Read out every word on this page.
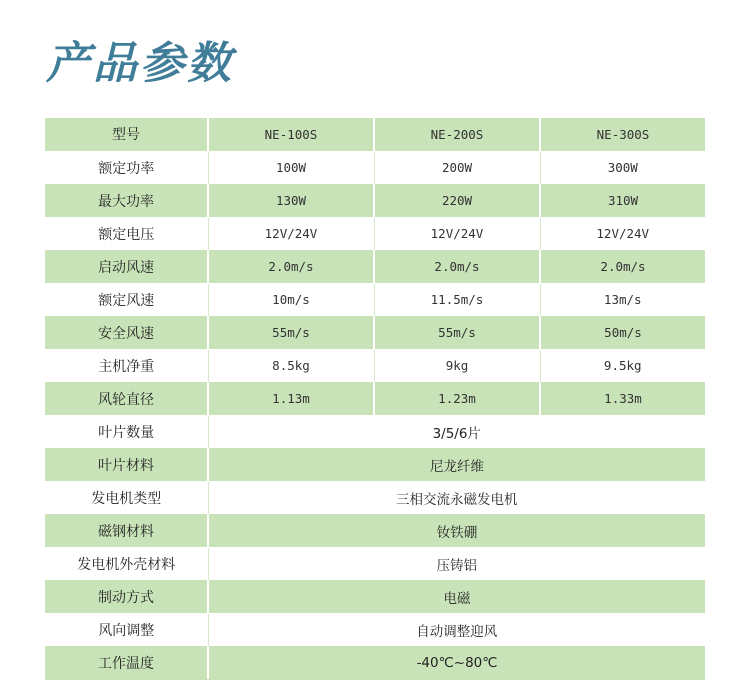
产品参数
型号	NE-100S	NE-200S	NE-300S
额定功率	100W	200W	300W
最大功率	130W	220W	310W
额定电压	12V/24V	12V/24V	12V/24V
启动风速	2.0m/s	2.0m/s	2.0m/s
额定风速	10m/s	11.5m/s	13m/s
安全风速	55m/s	55m/s	50m/s
主机净重	8.5kg	9kg	9.5kg
风轮直径	1.13m	1.23m	1.33m
叶片数量	3/5/6片		
叶片材料	尼龙纤维		
发电机类型	三相交流永磁发电机		
磁钢材料	钕铁硼		
发电机外壳材料	压铸铝		
制动方式	电磁		
风向调整	自动调整迎风		
工作温度	-40℃~80℃		
